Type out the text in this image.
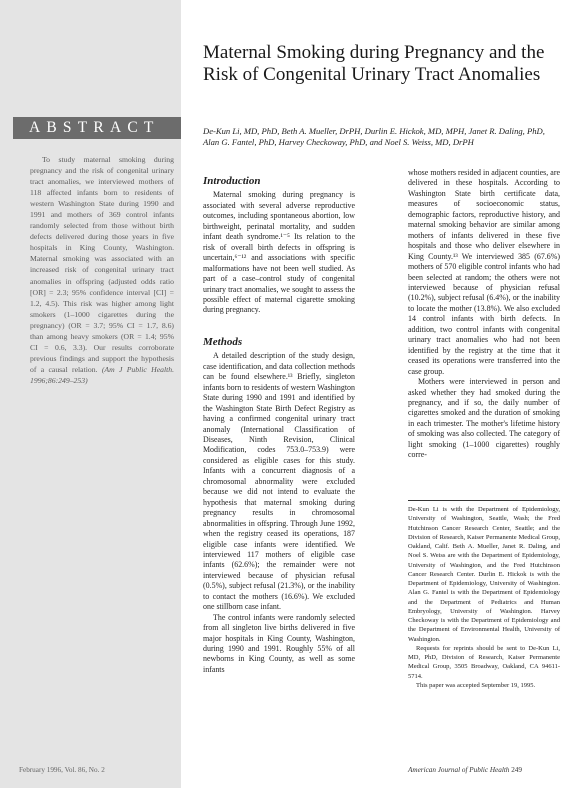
ABSTRACT
To study maternal smoking during pregnancy and the risk of congenital urinary tract anomalies, we interviewed mothers of 118 affected infants born to residents of western Washington State during 1990 and 1991 and mothers of 369 control infants randomly selected from those without birth defects delivered during those years in five hospitals in King County, Washington. Maternal smoking was associated with an increased risk of congenital urinary tract anomalies in offspring (adjusted odds ratio [OR] = 2.3; 95% confidence interval [CI] = 1.2, 4.5). This risk was higher among light smokers (1–1000 cigarettes during the pregnancy) (OR = 3.7; 95% CI = 1.7, 8.6) than among heavy smokers (OR = 1.4; 95% CI = 0.6, 3.3). Our results corroborate previous findings and support the hypothesis of a causal relation. (Am J Public Health. 1996;86:249–253)
February 1996, Vol. 86, No. 2
Maternal Smoking during Pregnancy and the Risk of Congenital Urinary Tract Anomalies
De-Kun Li, MD, PhD, Beth A. Mueller, DrPH, Durlin E. Hickok, MD, MPH, Janet R. Daling, PhD, Alan G. Fantel, PhD, Harvey Checkoway, PhD, and Noel S. Weiss, MD, DrPH
Introduction

Maternal smoking during pregnancy is associated with several adverse reproductive outcomes, including spontaneous abortion, low birthweight, perinatal mortality, and sudden infant death syndrome.¹⁻⁵ Its relation to the risk of overall birth defects in offspring is uncertain,⁶⁻¹² and associations with specific malformations have not been well studied. As part of a case–control study of congenital urinary tract anomalies, we sought to assess the possible effect of maternal cigarette smoking during pregnancy.

Methods

A detailed description of the study design, case identification, and data collection methods can be found elsewhere.¹³ Briefly, singleton infants born to residents of western Washington State during 1990 and 1991 and identified by the Washington State Birth Defect Registry as having a confirmed congenital urinary tract anomaly (International Classification of Diseases, Ninth Revision, Clinical Modification, codes 753.0–753.9) were considered as eligible cases for this study. Infants with a concurrent diagnosis of a chromosomal abnormality were excluded because we did not intend to evaluate the hypothesis that maternal smoking during pregnancy results in chromosomal abnormalities in offspring. Through June 1992, when the registry ceased its operations, 187 eligible case infants were identified. We interviewed 117 mothers of eligible case infants (62.6%); the remainder were not interviewed because of physician refusal (0.5%), subject refusal (21.3%), or the inability to contact the mothers (16.6%). We excluded one stillborn case infant.

The control infants were randomly selected from all singleton live births delivered in five major hospitals in King County, Washington, during 1990 and 1991. Roughly 55% of all newborns in King County, as well as some infants

whose mothers resided in adjacent counties, are delivered in these hospitals. According to Washington State birth certificate data, measures of socioeconomic status, demographic factors, reproductive history, and maternal smoking behavior are similar among mothers of infants delivered in these five hospitals and those who deliver elsewhere in King County.¹³ We interviewed 385 (67.6%) mothers of 570 eligible control infants who had been selected at random; the others were not interviewed because of physician refusal (10.2%), subject refusal (6.4%), or the inability to locate the mother (13.8%). We also excluded 14 control infants with birth defects. In addition, two control infants with congenital urinary tract anomalies who had not been identified by the registry at the time that it ceased its operations were transferred into the case group.

Mothers were interviewed in person and asked whether they had smoked during the pregnancy, and if so, the daily number of cigarettes smoked and the duration of smoking in each trimester. The mother's lifetime history of smoking was also collected. The category of light smoking (1–1000 cigarettes) roughly corre-

De-Kun Li is with the Department of Epidemiology, University of Washington, Seattle, Wash; the Fred Hutchinson Cancer Research Center, Seattle; and the Division of Research, Kaiser Permanente Medical Group, Oakland, Calif. Beth A. Mueller, Janet R. Daling, and Noel S. Weiss are with the Department of Epidemiology, University of Washington, and the Fred Hutchinson Cancer Research Center. Durlin E. Hickok is with the Department of Epidemiology, University of Washington. Alan G. Fantel is with the Department of Epidemiology and the Department of Pediatrics and Human Embryology, University of Washington. Harvey Checkoway is with the Department of Epidemiology and the Department of Environmental Health, University of Washington.

Requests for reprints should be sent to De-Kun Li, MD, PhD, Division of Research, Kaiser Permanente Medical Group, 3505 Broadway, Oakland, CA 94611-5714.

This paper was accepted September 19, 1995.

American Journal of Public Health 249
